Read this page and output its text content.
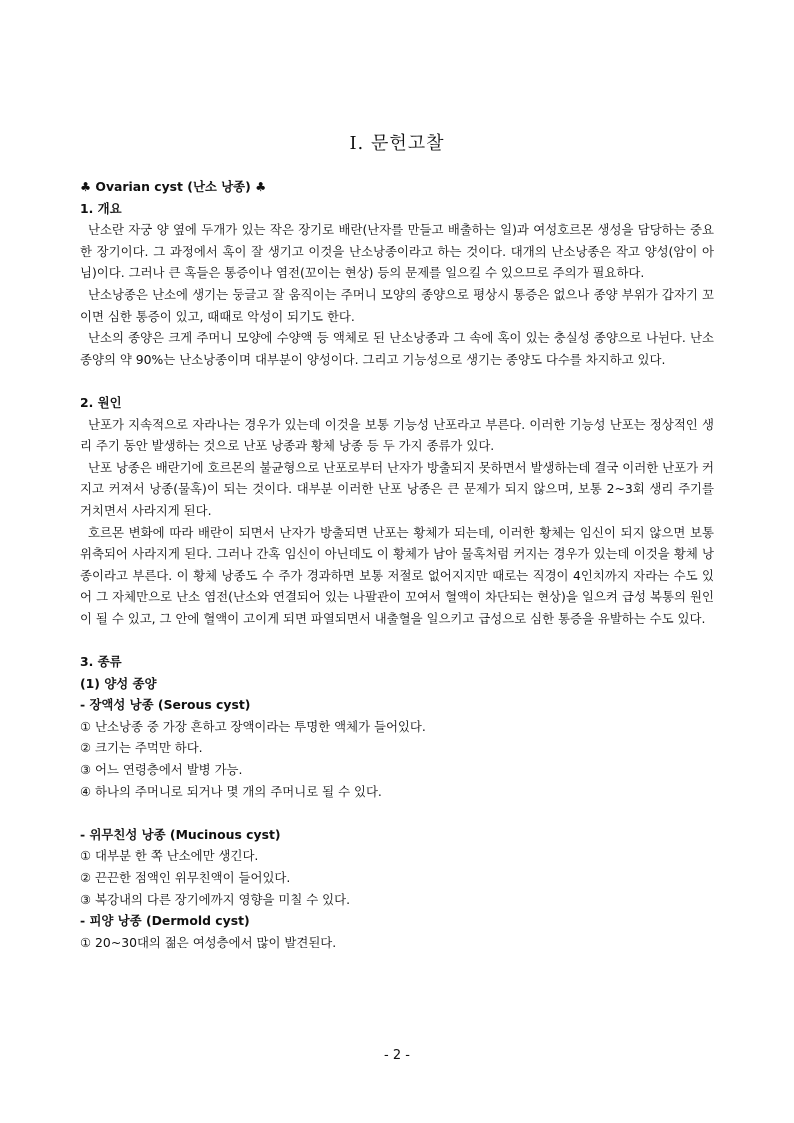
Ⅰ. 문헌고찰
♣ Ovarian cyst (난소 낭종) ♣
1. 개요

난소란 자궁 양 옆에 두개가 있는 작은 장기로 배란(난자를 만들고 배출하는 일)과 여성호르몬 생성을 담당하는 중요한 장기이다. 그 과정에서 혹이 잘 생기고 이것을 난소낭종이라고 하는 것이다. 대개의 난소낭종은 작고 양성(암이 아님)이다. 그러나 큰 혹들은 통증이나 염전(꼬이는 현상) 등의 문제를 일으킬 수 있으므로 주의가 필요하다.

난소낭종은 난소에 생기는 둥글고 잘 움직이는 주머니 모양의 종양으로 평상시 통증은 없으나 종양 부위가 갑자기 꼬이면 심한 통증이 있고, 때때로 악성이 되기도 한다.

난소의 종양은 크게 주머니 모양에 수양액 등 액체로 된 난소낭종과 그 속에 혹이 있는 충실성 종양으로 나뉜다. 난소 종양의 약 90%는 난소낭종이며 대부분이 양성이다. 그리고 기능성으로 생기는 종양도 다수를 차지하고 있다.

2. 원인

난포가 지속적으로 자라나는 경우가 있는데 이것을 보통 기능성 난포라고 부른다. 이러한 기능성 난포는 정상적인 생리 주기 동안 발생하는 것으로 난포 낭종과 황체 낭종 등 두 가지 종류가 있다.

난포 낭종은 배란기에 호르몬의 불균형으로 난포로부터 난자가 방출되지 못하면서 발생하는데 결국 이러한 난포가 커지고 커져서 낭종(물혹)이 되는 것이다. 대부분 이러한 난포 낭종은 큰 문제가 되지 않으며, 보통 2~3회 생리 주기를 거치면서 사라지게 된다.

호르몬 변화에 따라 배란이 되면서 난자가 방출되면 난포는 황체가 되는데, 이러한 황체는 임신이 되지 않으면 보통 위축되어 사라지게 된다. 그러나 간혹 임신이 아닌데도 이 황체가 남아 물혹처럼 커지는 경우가 있는데 이것을 황체 낭종이라고 부른다. 이 황체 낭종도 수 주가 경과하면 보통 저절로 없어지지만 때로는 직경이 4인치까지 자라는 수도 있어 그 자체만으로 난소 염전(난소와 연결되어 있는 나팔관이 꼬여서 혈액이 차단되는 현상)을 일으켜 급성 복통의 원인이 될 수 있고, 그 안에 혈액이 고이게 되면 파열되면서 내출혈을 일으키고 급성으로 심한 통증을 유발하는 수도 있다.

3. 종류
(1) 양성 종양
- 장액성 낭종 (Serous cyst)
① 난소낭종 중 가장 흔하고 장액이라는 투명한 액체가 들어있다.
② 크기는 주먹만 하다.
③ 어느 연령층에서 발병 가능.
④ 하나의 주머니로 되거나 몇 개의 주머니로 될 수 있다.
- 위무친성 낭종 (Mucinous cyst)
① 대부분 한 쪽 난소에만 생긴다.
② 끈끈한 점액인 위무친액이 들어있다.
③ 복강내의 다른 장기에까지 영향을 미칠 수 있다.
- 피양 낭종 (Dermold cyst)
① 20~30대의 젊은 여성층에서 많이 발견된다.
- 2 -
